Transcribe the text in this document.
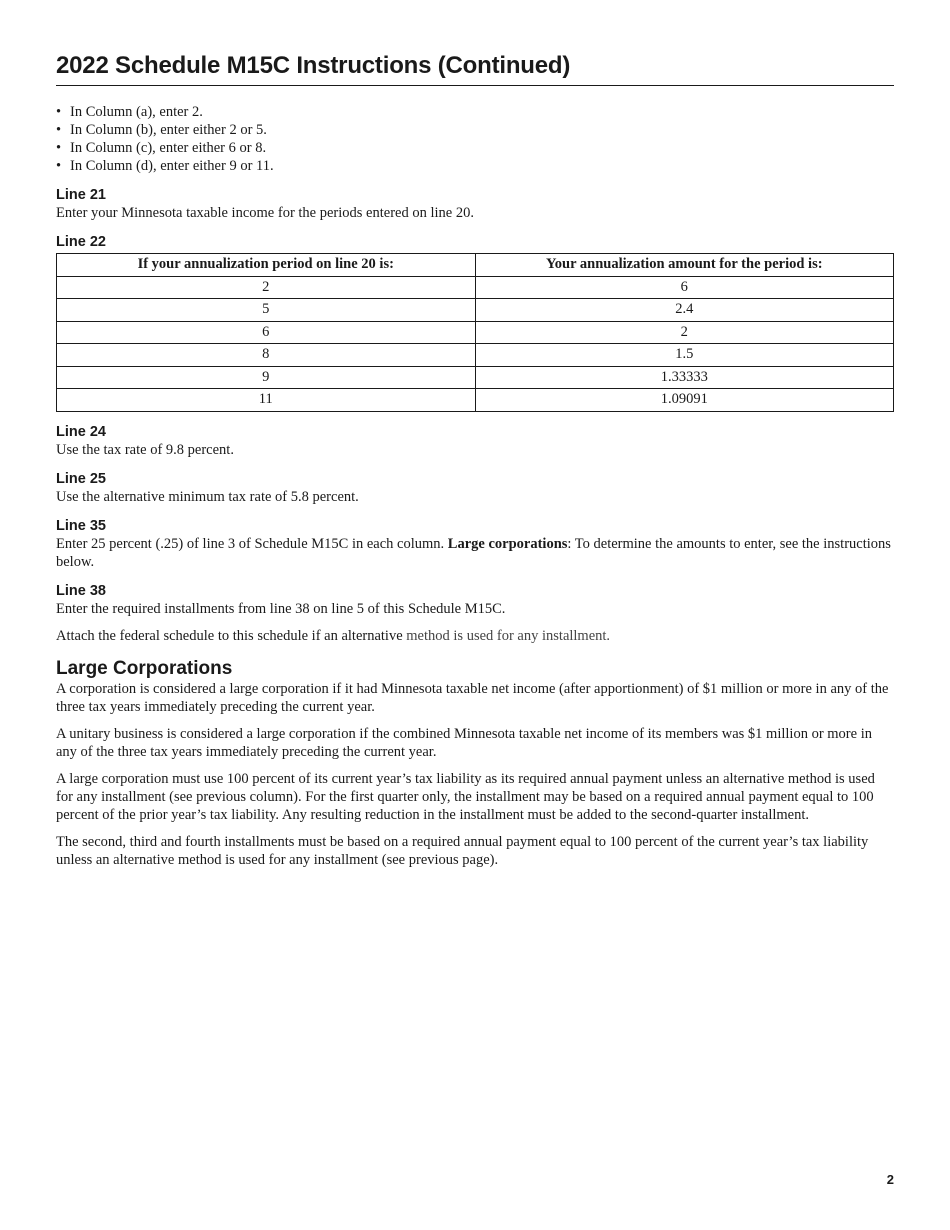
2022 Schedule M15C Instructions (Continued)
• In Column (a), enter 2.
• In Column (b), enter either 2 or 5.
• In Column (c), enter either 6 or 8.
• In Column (d), enter either 9 or 11.
Line 21

Enter your Minnesota taxable income for the periods entered on line 20.

Line 22
If your annualization period on line 20 is:	Your annualization amount for the period is:
2	6
5	2.4
6	2
8	1.5
9	1.33333
11	1.09091
Line 24

Use the tax rate of 9.8 percent.

Line 25

Use the alternative minimum tax rate of 5.8 percent.

Line 35

Enter 25 percent (.25) of line 3 of Schedule M15C in each column. Large corporations: To determine the amounts to enter, see the instructions below.

Line 38

Enter the required installments from line 38 on line 5 of this Schedule M15C.

Attach the federal schedule to this schedule if an alternative method is used for any installment.

Large Corporations

A corporation is considered a large corporation if it had Minnesota taxable net income (after apportionment) of $1 million or more in any of the three tax years immediately preceding the current year.

A unitary business is considered a large corporation if the combined Minnesota taxable net income of its members was $1 million or more in any of the three tax years immediately preceding the current year.

A large corporation must use 100 percent of its current year’s tax liability as its required annual payment unless an alternative method is used for any installment (see previous column). For the first quarter only, the installment may be based on a required annual payment equal to 100 percent of the prior year’s tax liability. Any resulting reduction in the installment must be added to the second-quarter installment.

The second, third and fourth installments must be based on a required annual payment equal to 100 percent of the current year’s tax liability unless an alternative method is used for any installment (see previous page).

2
